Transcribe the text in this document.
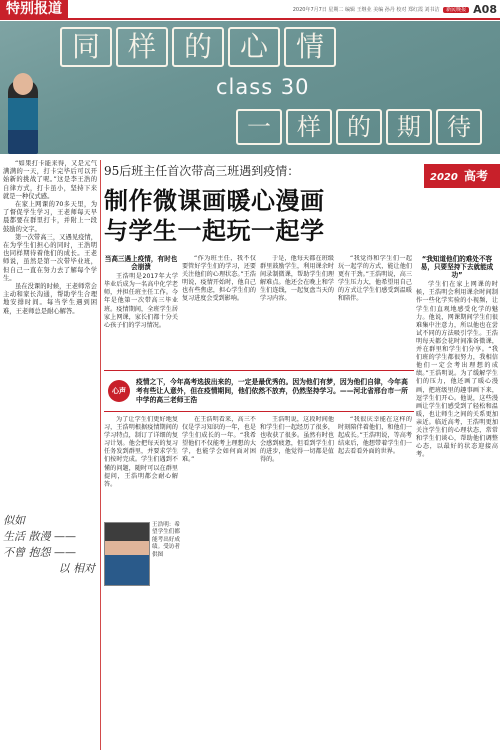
特别报道	2020年7月7日 星期二 编辑 王继业 美编 孙丹 校对 郑红霞 刘书洁 新民晚报 A08
同 样 的 心 情
class 30
一	样	的	期	待

“如果打卡能来得，又是元气满满的一天，打卡完毕后可以开始新的挑战了呢。”这是李王浩的自律方式，打卡虽小，坚持下来就是一种仪式感。

在家上网课的70多天里，为了督促学生学习，王老师每天早晨都要在群里打卡，并附上一段鼓励的文字。

第一次带高三，又遇见疫情，在为学生们担心的同时，王浩明也同样期待着他们的成长。王老师说，虽然是第一次带毕业班，但自己一直在努力去了解每个学生。

虽在没课的时候，王老师常会主动和家长沟通，帮助学生合理地安排时间。每当学生遇到困难，王老师总是耐心解答。

似如
生活 散漫 ——
不曾 抱怨 ——
以 相对
95后班主任首次带高三班遇到疫情：
制作微课画暖心漫画
与学生一起玩一起学
2020 高考
当高三遇上疫情，有时也会崩溃

王浩明是2017年大学毕业后成为一名高中化学老师，并担任班主任工作。今年是他第一次带高三毕业班。疫情期间，全班学生居家上网课，家长们都十分关心孩子们的学习情况。

“作为班主任，我不仅要管好学生们的学习，还要关注他们的心理状态。”王浩明说，疫情开始时，他自己也有些焦虑，担心学生们的复习进度会受到影响。

于是，他每天都在班级群里鼓励学生，利用课余时间录制微课，帮助学生们理解难点。他还会在晚上和学生们连线，一起复盘当天的学习内容。

“我觉得和学生们一起玩一起学的方式，能让他们更有干劲。”王浩明说，高三学生压力大，他希望用自己的方式让学生们感受到温暖和陪伴。

“我知道他们的难处不容易，只要坚持下去就能成功”

学生们在家上网课的时候，王浩明会利用课余时间制作一些化学实验的小视频，让学生们直观地感受化学的魅力。他说，网课期间学生们很难集中注意力，所以他也在尝试不同的方法吸引学生。王浩明每天都会花时间准备微课，并在群里和学生们分享。“我们班的学生都很努力，我相信他们一定会考出理想的成绩。”王浩明说。为了缓解学生们的压力，他还画了暖心漫画，把班级里的趣事画下来，逗学生们开心。他说，这些漫画让学生们感受到了轻松和温暖，也让师生之间的关系更加亲近。临近高考，王浩明更加关注学生们的心理状态，常常和学生们谈心，帮助他们调整心态，以最好的状态迎接高考。

心声
疫情之下，今年高考选拔出来的，一定是最优秀的。因为他们有梦，因为他们自律，今年高考有些让人意外，但在疫情期间，他们依然不放弃，仍然坚持学习。——河北省邢台市一所中学的高三老师王浩

为了让学生们更好地复习，王浩明根据疫情期间的学习特点，制订了详细的复习计划。他会把每天的复习任务发到群里，并要求学生们按时完成。学生们遇到不懂的问题，随时可以在群里提问，王浩明都会耐心解答。

在王浩明看来，高三不仅是学习知识的一年，也是学生们成长的一年。“我希望他们不仅能考上理想的大学，也能学会如何面对困难。”

王浩明说，这段时间他和学生们一起经历了很多，也收获了很多。虽然有时也会感到疲惫，但看到学生们的进步，他觉得一切都是值得的。

“我很庆幸能在这样的时刻陪伴着他们，和他们一起成长。”王浩明说，等高考结束后，他想带着学生们一起去看看外面的世界。

王浩明：希望学生们都能考出好成绩。受访者供图
